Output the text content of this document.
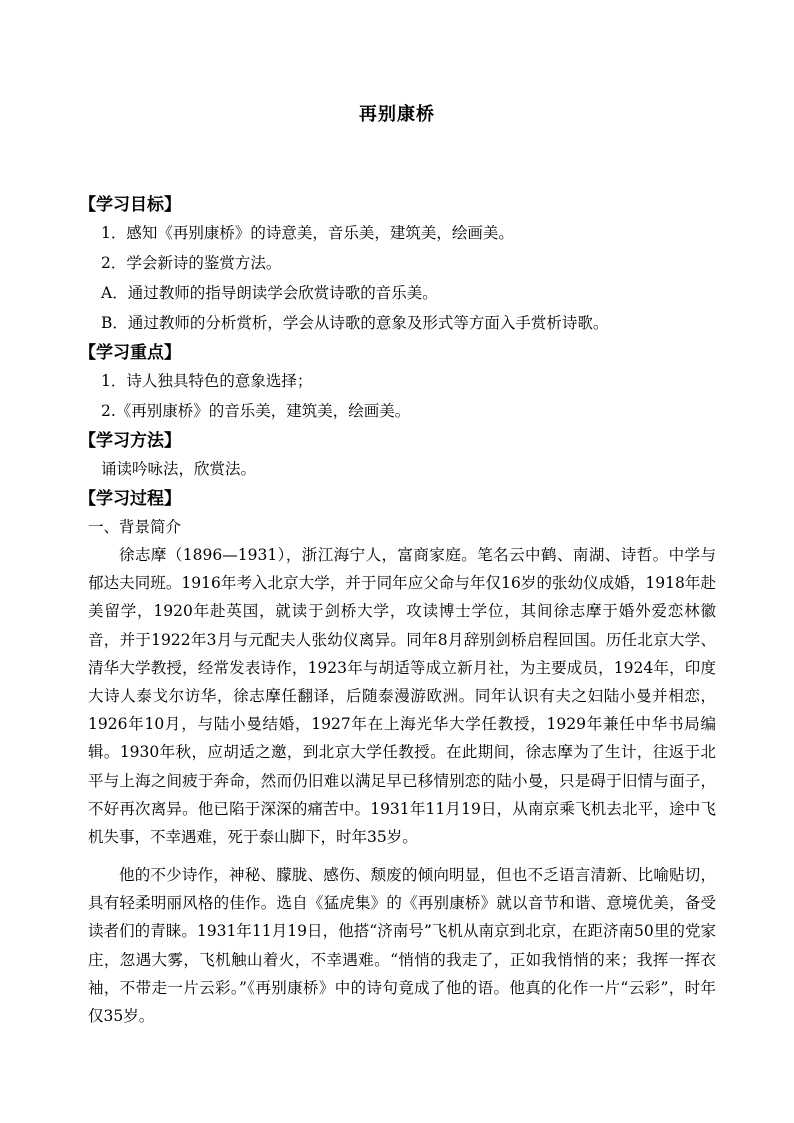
再别康桥
【学习目标】
1．感知《再别康桥》的诗意美，音乐美，建筑美，绘画美。
2．学会新诗的鉴赏方法。
A．通过教师的指导朗读学会欣赏诗歌的音乐美。
B．通过教师的分析赏析，学会从诗歌的意象及形式等方面入手赏析诗歌。
【学习重点】
1．诗人独具特色的意象选择；
2.《再别康桥》的音乐美，建筑美，绘画美。
【学习方法】
诵读吟咏法，欣赏法。
【学习过程】
一、背景简介
徐志摩（1896—1931），浙江海宁人，富商家庭。笔名云中鹤、南湖、诗哲。中学与郁达夫同班。1916年考入北京大学，并于同年应父命与年仅16岁的张幼仪成婚，1918年赴美留学，1920年赴英国，就读于剑桥大学，攻读博士学位，其间徐志摩于婚外爱恋林徽音，并于1922年3月与元配夫人张幼仪离异。同年8月辞别剑桥启程回国。历任北京大学、清华大学教授，经常发表诗作，1923年与胡适等成立新月社，为主要成员，1924年，印度大诗人泰戈尔访华，徐志摩任翻译，后随泰漫游欧洲。同年认识有夫之妇陆小曼并相恋，1926年10月，与陆小曼结婚，1927年在上海光华大学任教授，1929年兼任中华书局编辑。1930年秋，应胡适之邀，到北京大学任教授。在此期间，徐志摩为了生计，往返于北平与上海之间疲于奔命，然而仍旧难以满足早已移情别恋的陆小曼，只是碍于旧情与面子，不好再次离异。他已陷于深深的痛苦中。1931年11月19日，从南京乘飞机去北平，途中飞机失事，不幸遇难，死于泰山脚下，时年35岁。
他的不少诗作，神秘、朦胧、感伤、颓废的倾向明显，但也不乏语言清新、比喻贴切，具有轻柔明丽风格的佳作。选自《猛虎集》的《再别康桥》就以音节和谐、意境优美，备受读者们的青睐。1931年11月19日，他搭“济南号”飞机从南京到北京，在距济南50里的党家庄，忽遇大雾，飞机触山着火，不幸遇难。“悄悄的我走了，正如我悄悄的来；我挥一挥衣袖，不带走一片云彩。”《再别康桥》中的诗句竟成了他的语。他真的化作一片“云彩”，时年仅35岁。
